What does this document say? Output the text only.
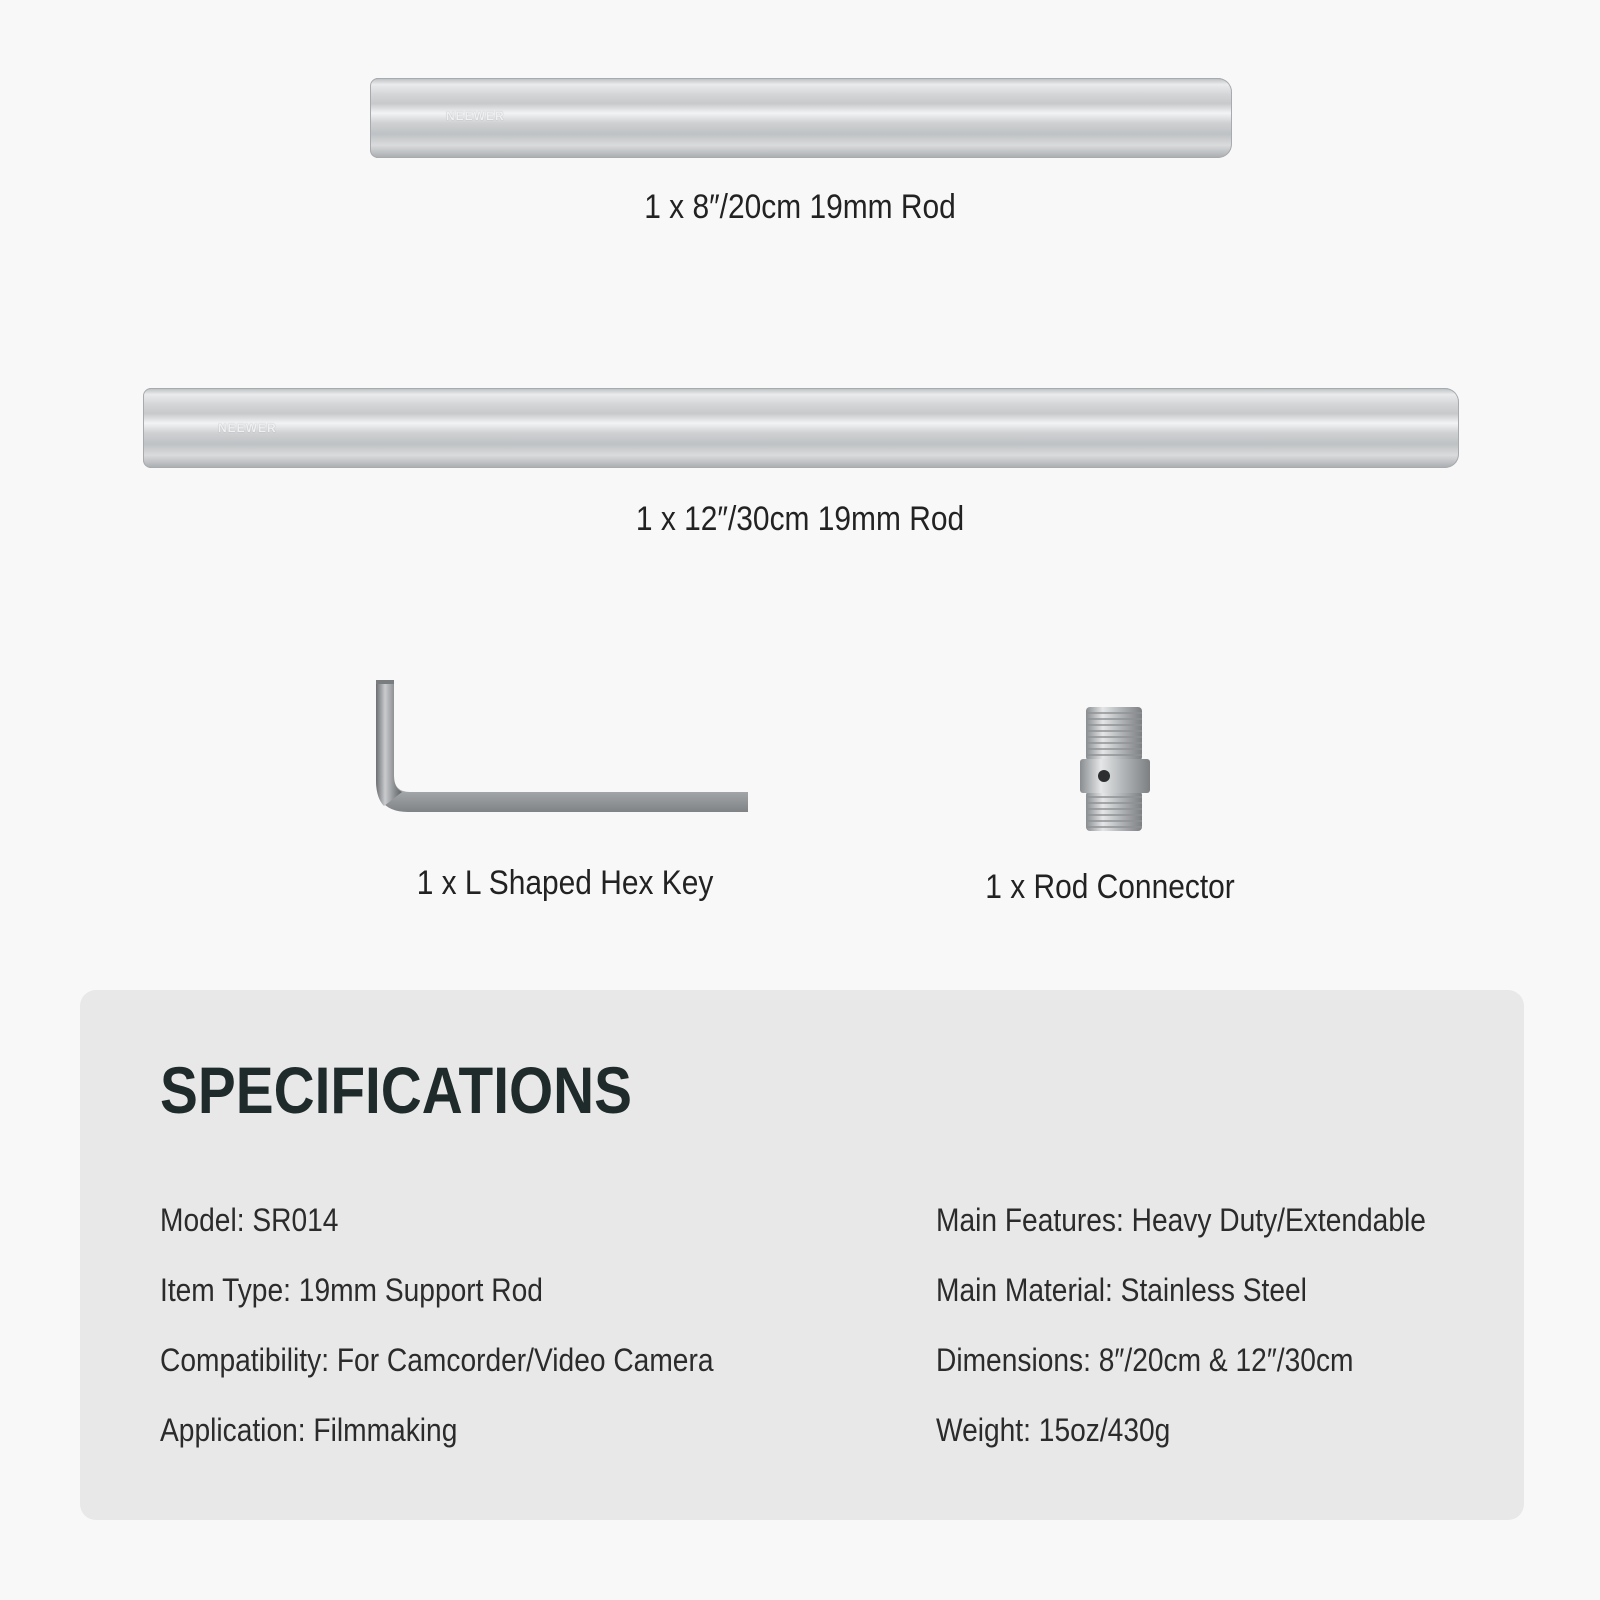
NEEWER
1 x 8″/20cm 19mm Rod
NEEWER
1 x 12″/30cm 19mm Rod
1 x L Shaped Hex Key	1 x Rod Connector
SPECIFICATIONS
Model: SR014
Item Type: 19mm Support Rod
Compatibility: For Camcorder/Video Camera
Application: Filmmaking
Main Features: Heavy Duty/Extendable
Main Material: Stainless Steel
Dimensions: 8″/20cm & 12″/30cm
Weight: 15oz/430g
